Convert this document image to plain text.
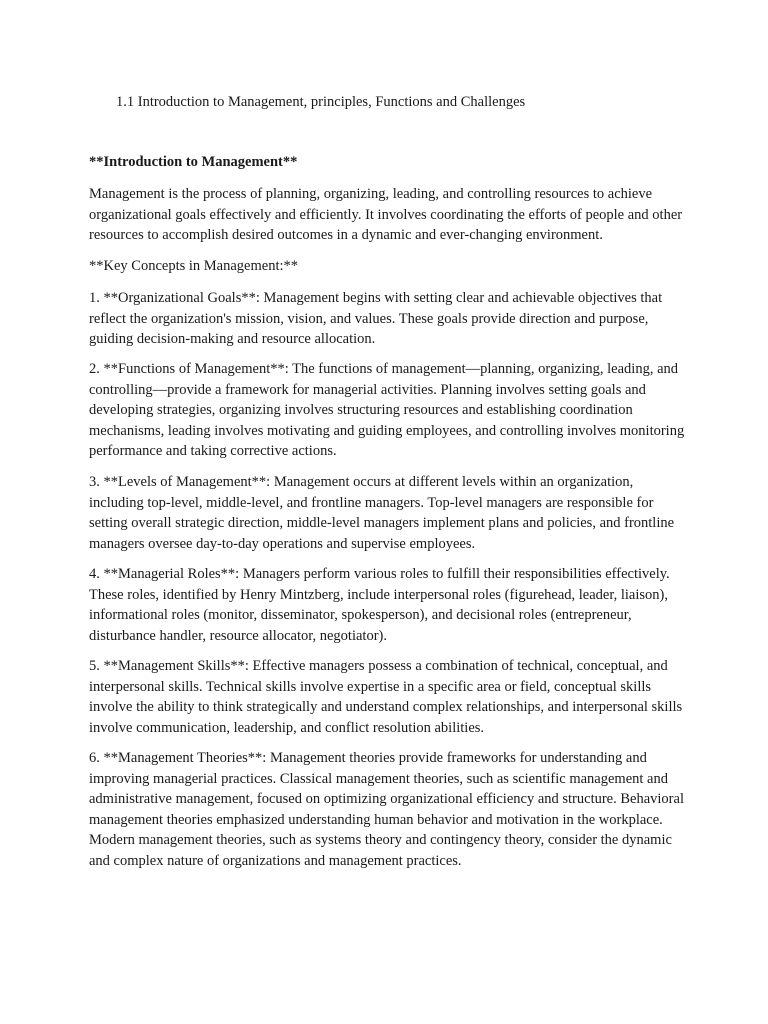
1.1 Introduction to Management, principles, Functions and Challenges
**Introduction to Management**
Management is the process of planning, organizing, leading, and controlling resources to achieve organizational goals effectively and efficiently. It involves coordinating the efforts of people and other resources to accomplish desired outcomes in a dynamic and ever-changing environment.
**Key Concepts in Management:**
1. **Organizational Goals**: Management begins with setting clear and achievable objectives that reflect the organization's mission, vision, and values. These goals provide direction and purpose, guiding decision-making and resource allocation.
2. **Functions of Management**: The functions of management—planning, organizing, leading, and controlling—provide a framework for managerial activities. Planning involves setting goals and developing strategies, organizing involves structuring resources and establishing coordination mechanisms, leading involves motivating and guiding employees, and controlling involves monitoring performance and taking corrective actions.
3. **Levels of Management**: Management occurs at different levels within an organization, including top-level, middle-level, and frontline managers. Top-level managers are responsible for setting overall strategic direction, middle-level managers implement plans and policies, and frontline managers oversee day-to-day operations and supervise employees.
4. **Managerial Roles**: Managers perform various roles to fulfill their responsibilities effectively. These roles, identified by Henry Mintzberg, include interpersonal roles (figurehead, leader, liaison), informational roles (monitor, disseminator, spokesperson), and decisional roles (entrepreneur, disturbance handler, resource allocator, negotiator).
5. **Management Skills**: Effective managers possess a combination of technical, conceptual, and interpersonal skills. Technical skills involve expertise in a specific area or field, conceptual skills involve the ability to think strategically and understand complex relationships, and interpersonal skills involve communication, leadership, and conflict resolution abilities.
6. **Management Theories**: Management theories provide frameworks for understanding and improving managerial practices. Classical management theories, such as scientific management and administrative management, focused on optimizing organizational efficiency and structure. Behavioral management theories emphasized understanding human behavior and motivation in the workplace. Modern management theories, such as systems theory and contingency theory, consider the dynamic and complex nature of organizations and management practices.
